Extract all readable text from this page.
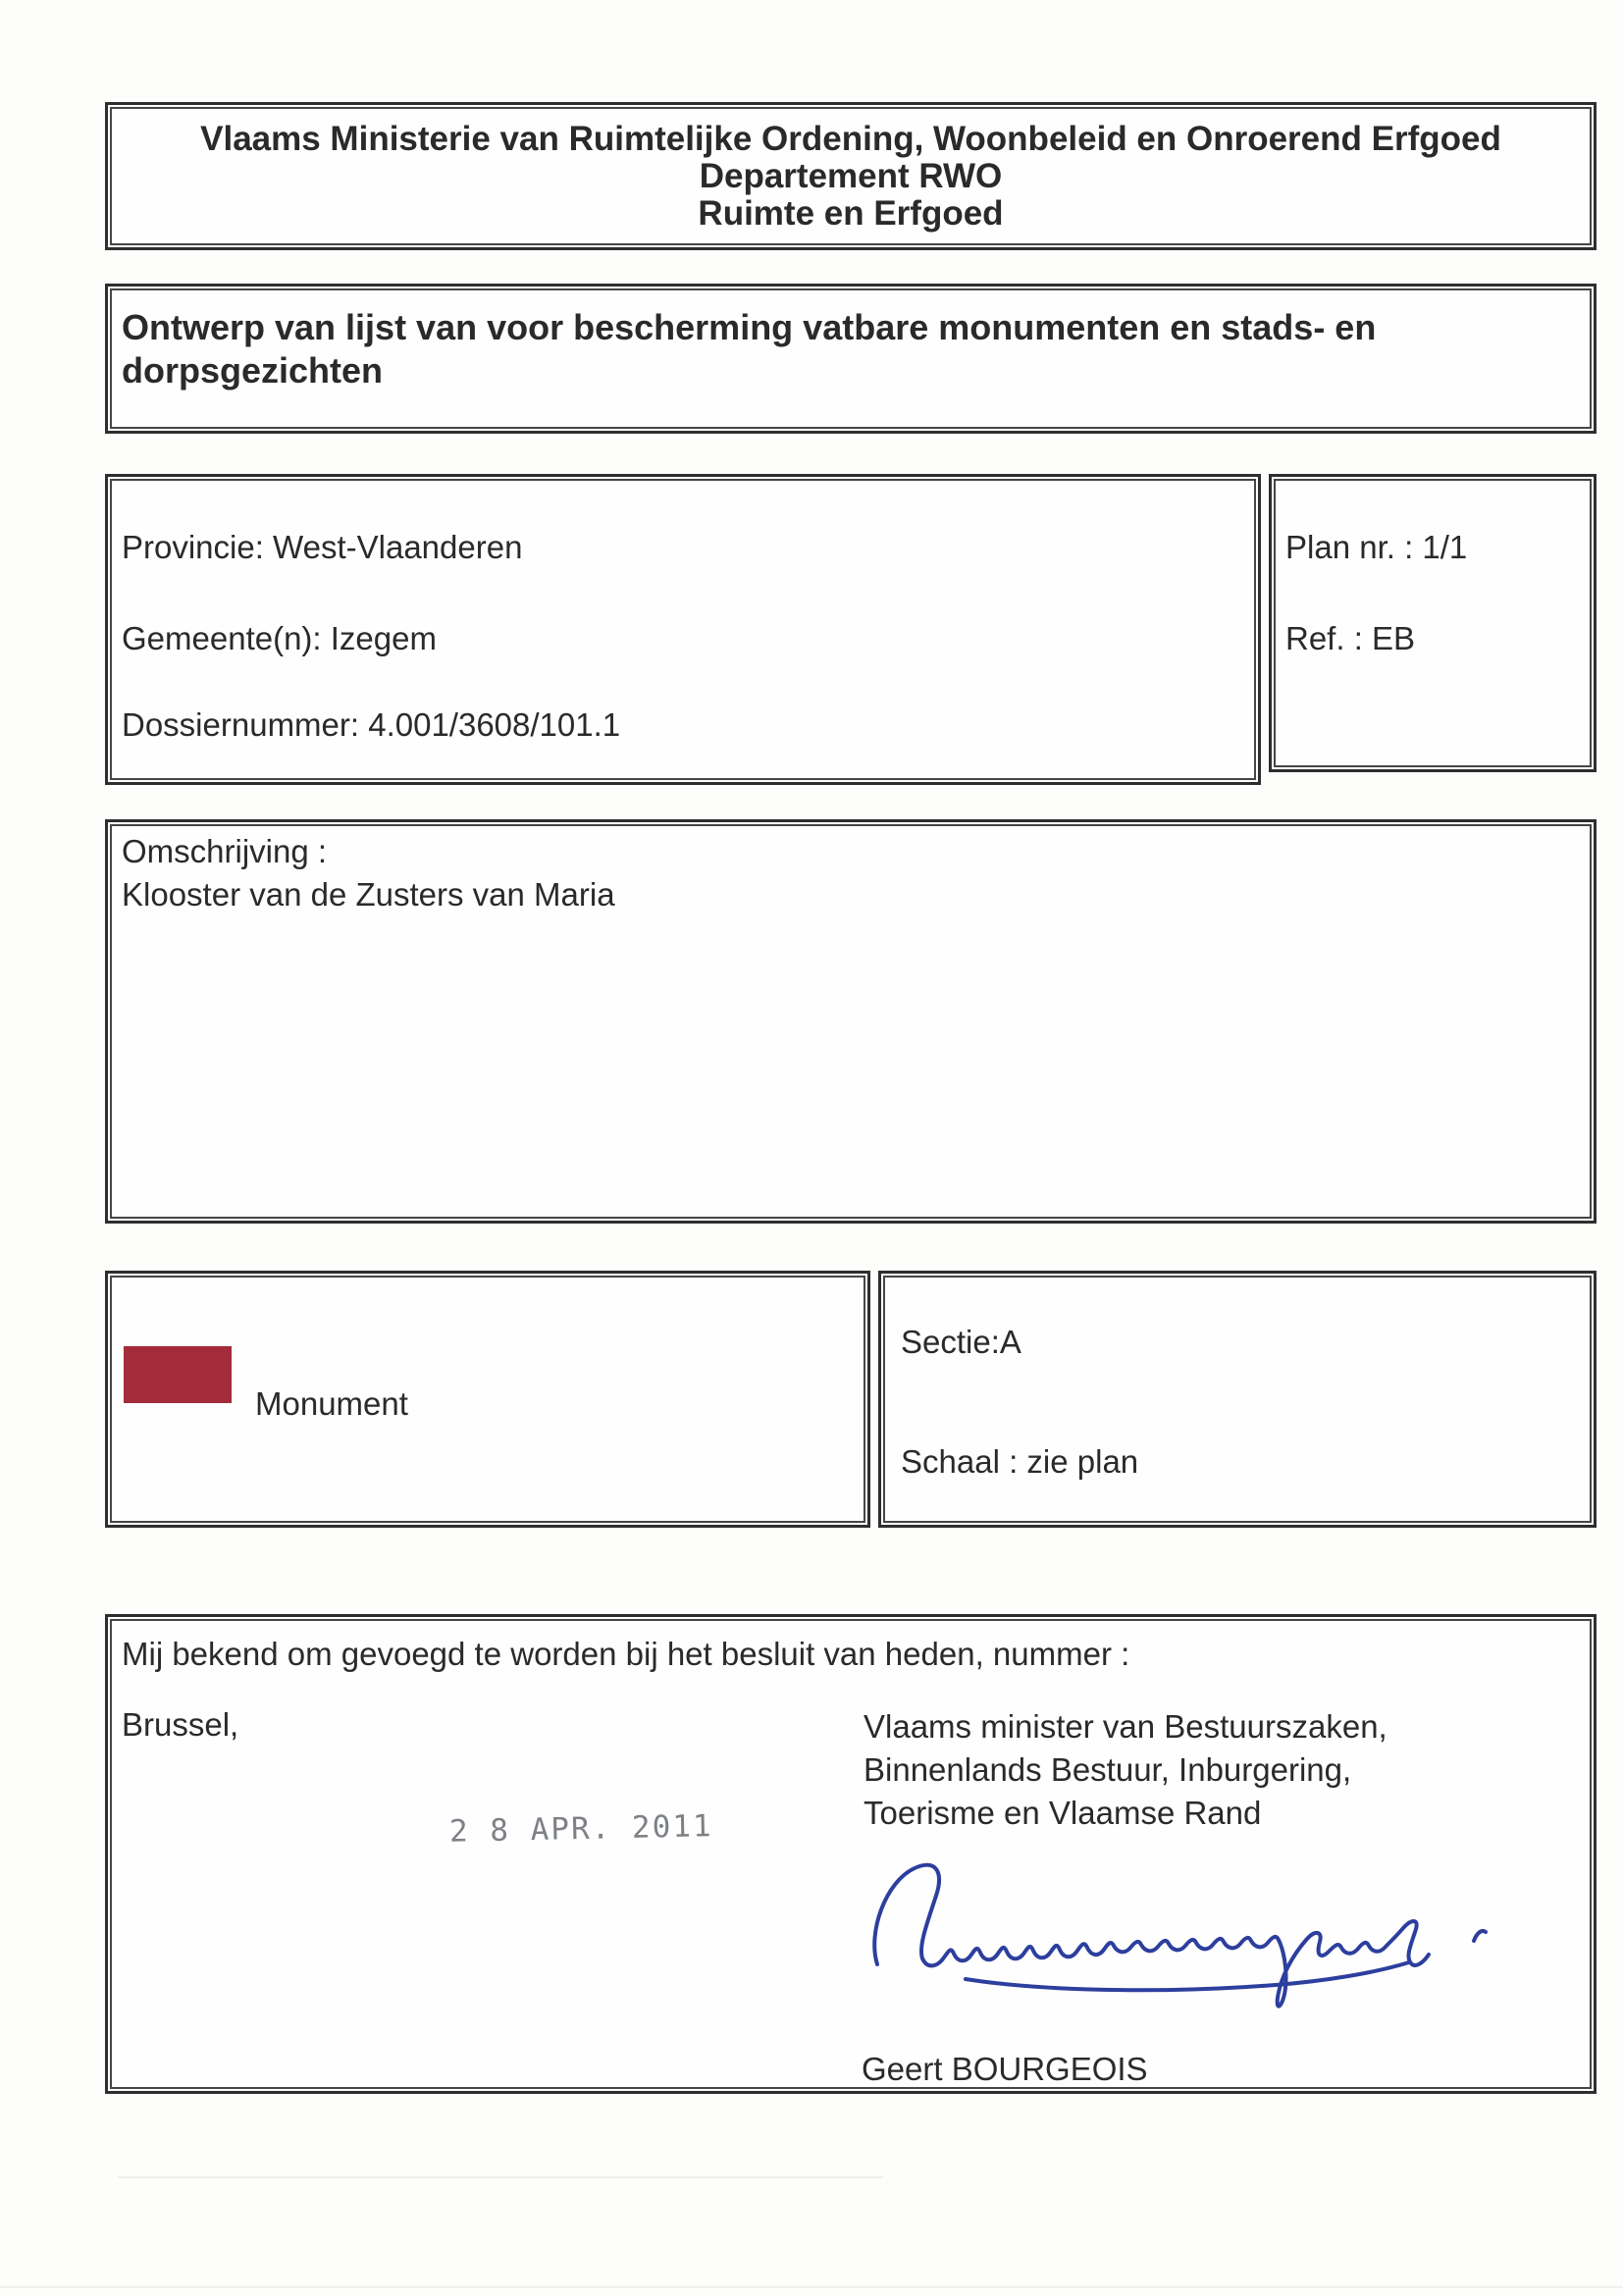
Vlaams Ministerie van Ruimtelijke Ordening, Woonbeleid en Onroerend Erfgoed
Departement RWO
Ruimte en Erfgoed
Ontwerp van lijst van voor bescherming vatbare monumenten en stads- en
dorpsgezichten
Provincie: West-Vlaanderen
Gemeente(n): Izegem
Dossiernummer: 4.001/3608/101.1
Plan nr. : 1/1
Ref. : EB
Omschrijving :
Klooster van de Zusters van Maria
Monument
Sectie:A
Schaal : zie plan
Mij bekend om gevoegd te worden bij het besluit van heden, nummer :
Brussel,	Vlaams minister van Bestuurszaken,
Binnenlands Bestuur, Inburgering,
Toerisme en Vlaamse Rand
2 8 APR. 2011
Geert BOURGEOIS
